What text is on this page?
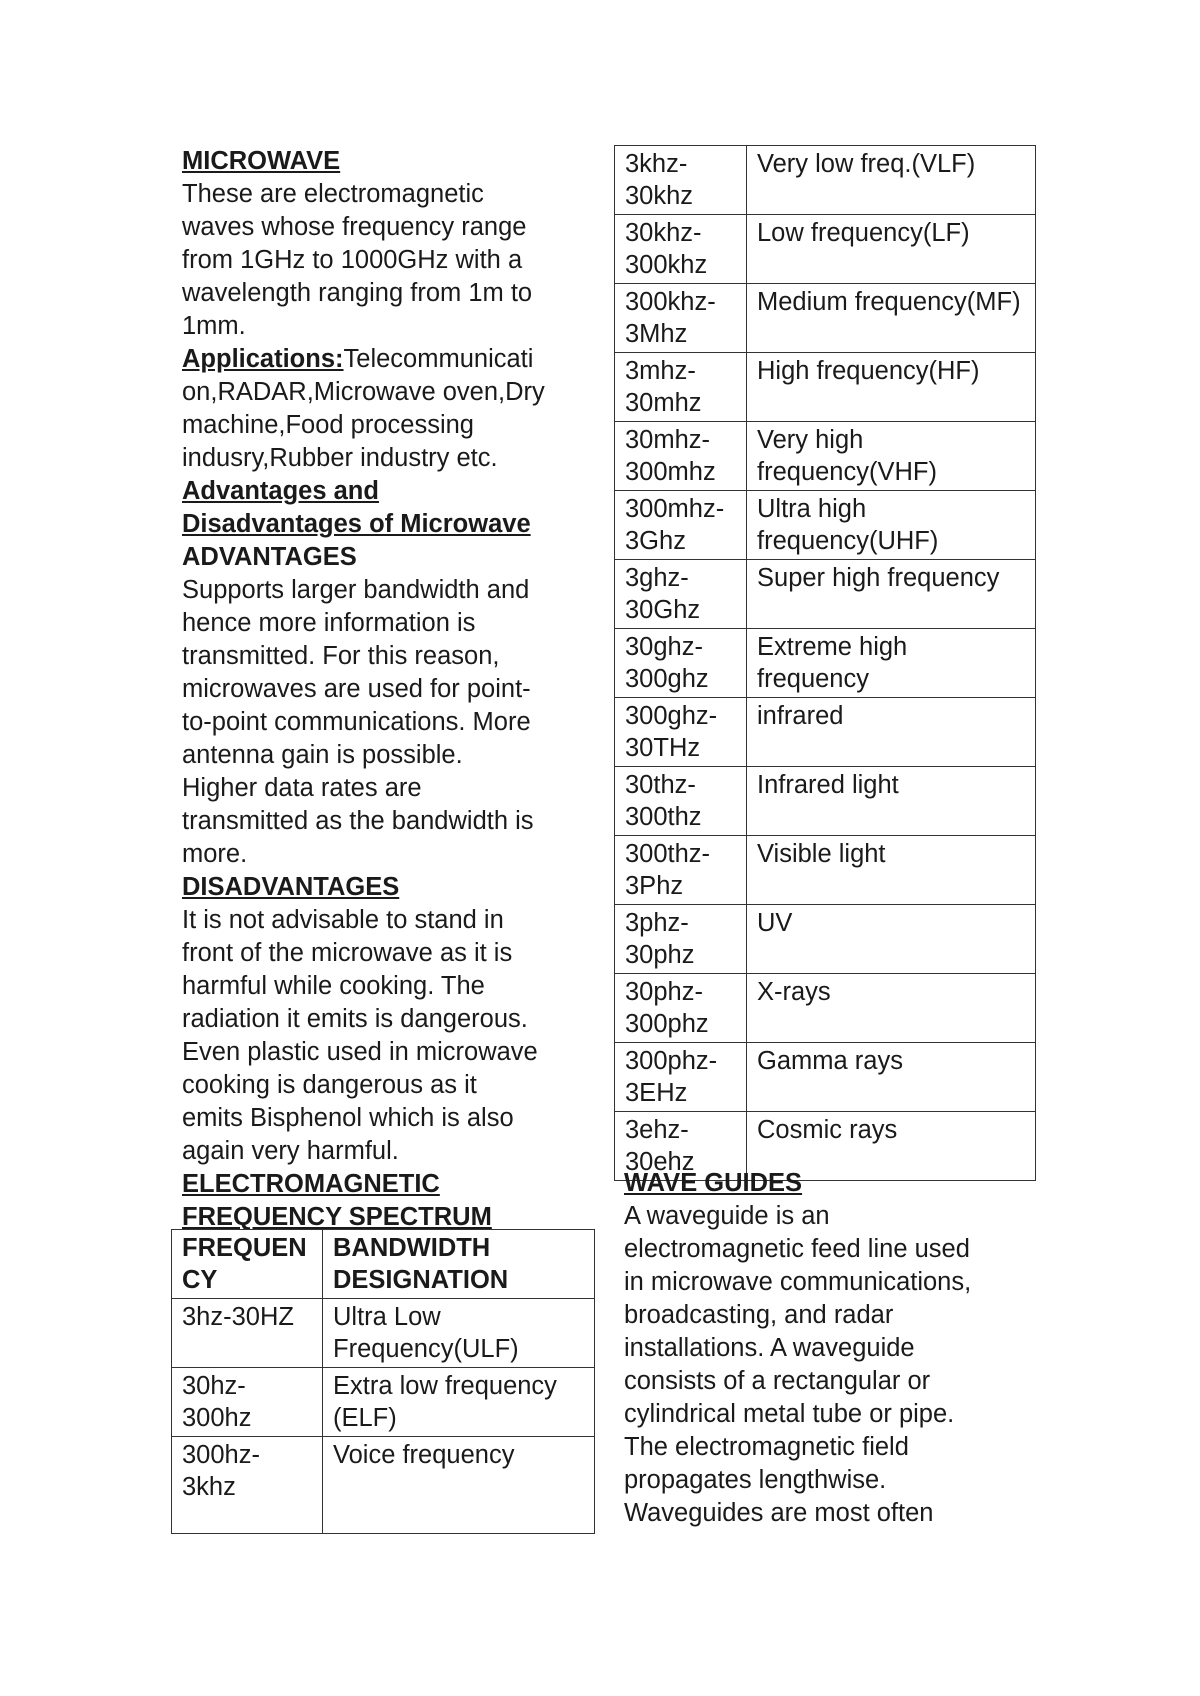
MICROWAVE

These are electromagnetic

waves whose frequency range

from 1GHz to 1000GHz with a

wavelength ranging from 1m to

1mm.

Applications:Telecommunicati

on,RADAR,Microwave oven,Dry

machine,Food processing

indusry,Rubber industry etc.

Advantages and

Disadvantages of Microwave

ADVANTAGES

Supports larger bandwidth and

hence more information is

transmitted. For this reason,

microwaves are used for point-

to-point communications. More

antenna gain is possible.

Higher data rates are

transmitted as the bandwidth is

more.

DISADVANTAGES

It is not advisable to stand in

front of the microwave as it is

harmful while cooking. The

radiation it emits is dangerous.

Even plastic used in microwave

cooking is dangerous as it

emits Bisphenol which is also

again very harmful.

ELECTROMAGNETIC

FREQUENCY SPECTRUM

FREQUEN CY	BANDWIDTH DESIGNATION
3hz-30HZ	Ultra Low Frequency(ULF)
30hz-300hz	Extra low frequency (ELF)
300hz-3khz	Voice frequency
3khz-30khz	Very low freq.(VLF)
30khz-300khz	Low frequency(LF)
300khz-3Mhz	Medium frequency(MF)
3mhz-30mhz	High frequency(HF)
30mhz-300mhz	Very high frequency(VHF)
300mhz-3Ghz	Ultra high frequency(UHF)
3ghz-30Ghz	Super high frequency
30ghz-300ghz	Extreme high frequency
300ghz-30THz	infrared
30thz-300thz	Infrared light
300thz-3Phz	Visible light
3phz-30phz	UV
30phz-300phz	X-rays
300phz-3EHz	Gamma rays
3ehz-30ehz	Cosmic rays

WAVE GUIDES

A waveguide is an

electromagnetic feed line used

in microwave communications,

broadcasting, and radar

installations. A waveguide

consists of a rectangular or

cylindrical metal tube or pipe.

The electromagnetic field

propagates lengthwise.

Waveguides are most often
